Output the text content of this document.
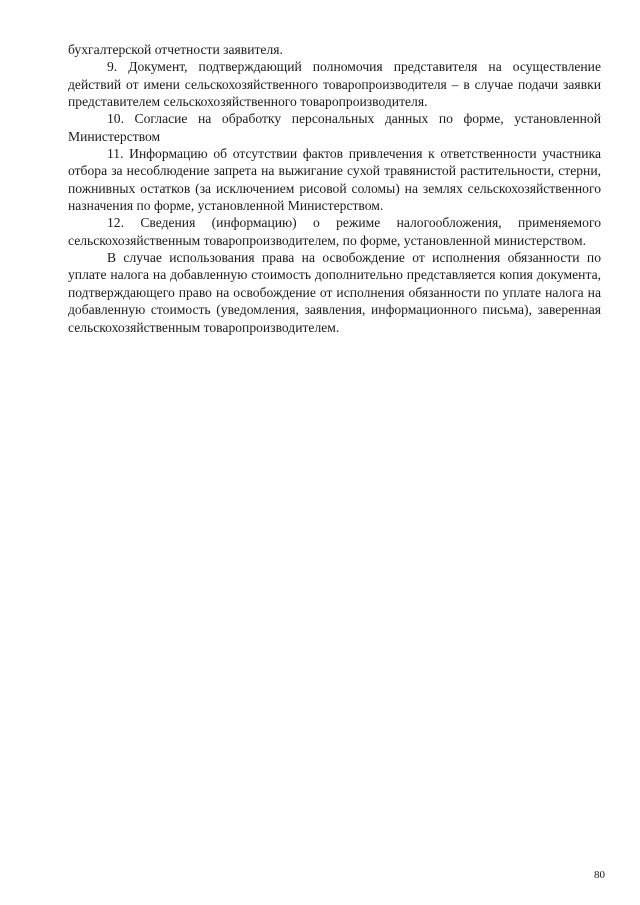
бухгалтерской отчетности заявителя.

9. Документ, подтверждающий полномочия представителя на осуществление действий от имени сельскохозяйственного товаропроизводителя – в случае подачи заявки представителем сельскохозяйственного товаропроизводителя.

10. Согласие на обработку персональных данных по форме, установленной Министерством

11. Информацию об отсутствии фактов привлечения к ответственности участника отбора за несоблюдение запрета на выжигание сухой травянистой растительности, стерни, пожнивных остатков (за исключением рисовой соломы) на землях сельскохозяйственного назначения по форме, установленной Министерством.

12. Сведения (информацию) о режиме налогообложения, применяемого сельскохозяйственным товаропроизводителем, по форме, установленной министерством.

В случае использования права на освобождение от исполнения обязанности по уплате налога на добавленную стоимость дополнительно представляется копия документа, подтверждающего право на освобождение от исполнения обязанности по уплате налога на добавленную стоимость (уведомления, заявления, информационного письма), заверенная сельскохозяйственным товаропроизводителем.

80
